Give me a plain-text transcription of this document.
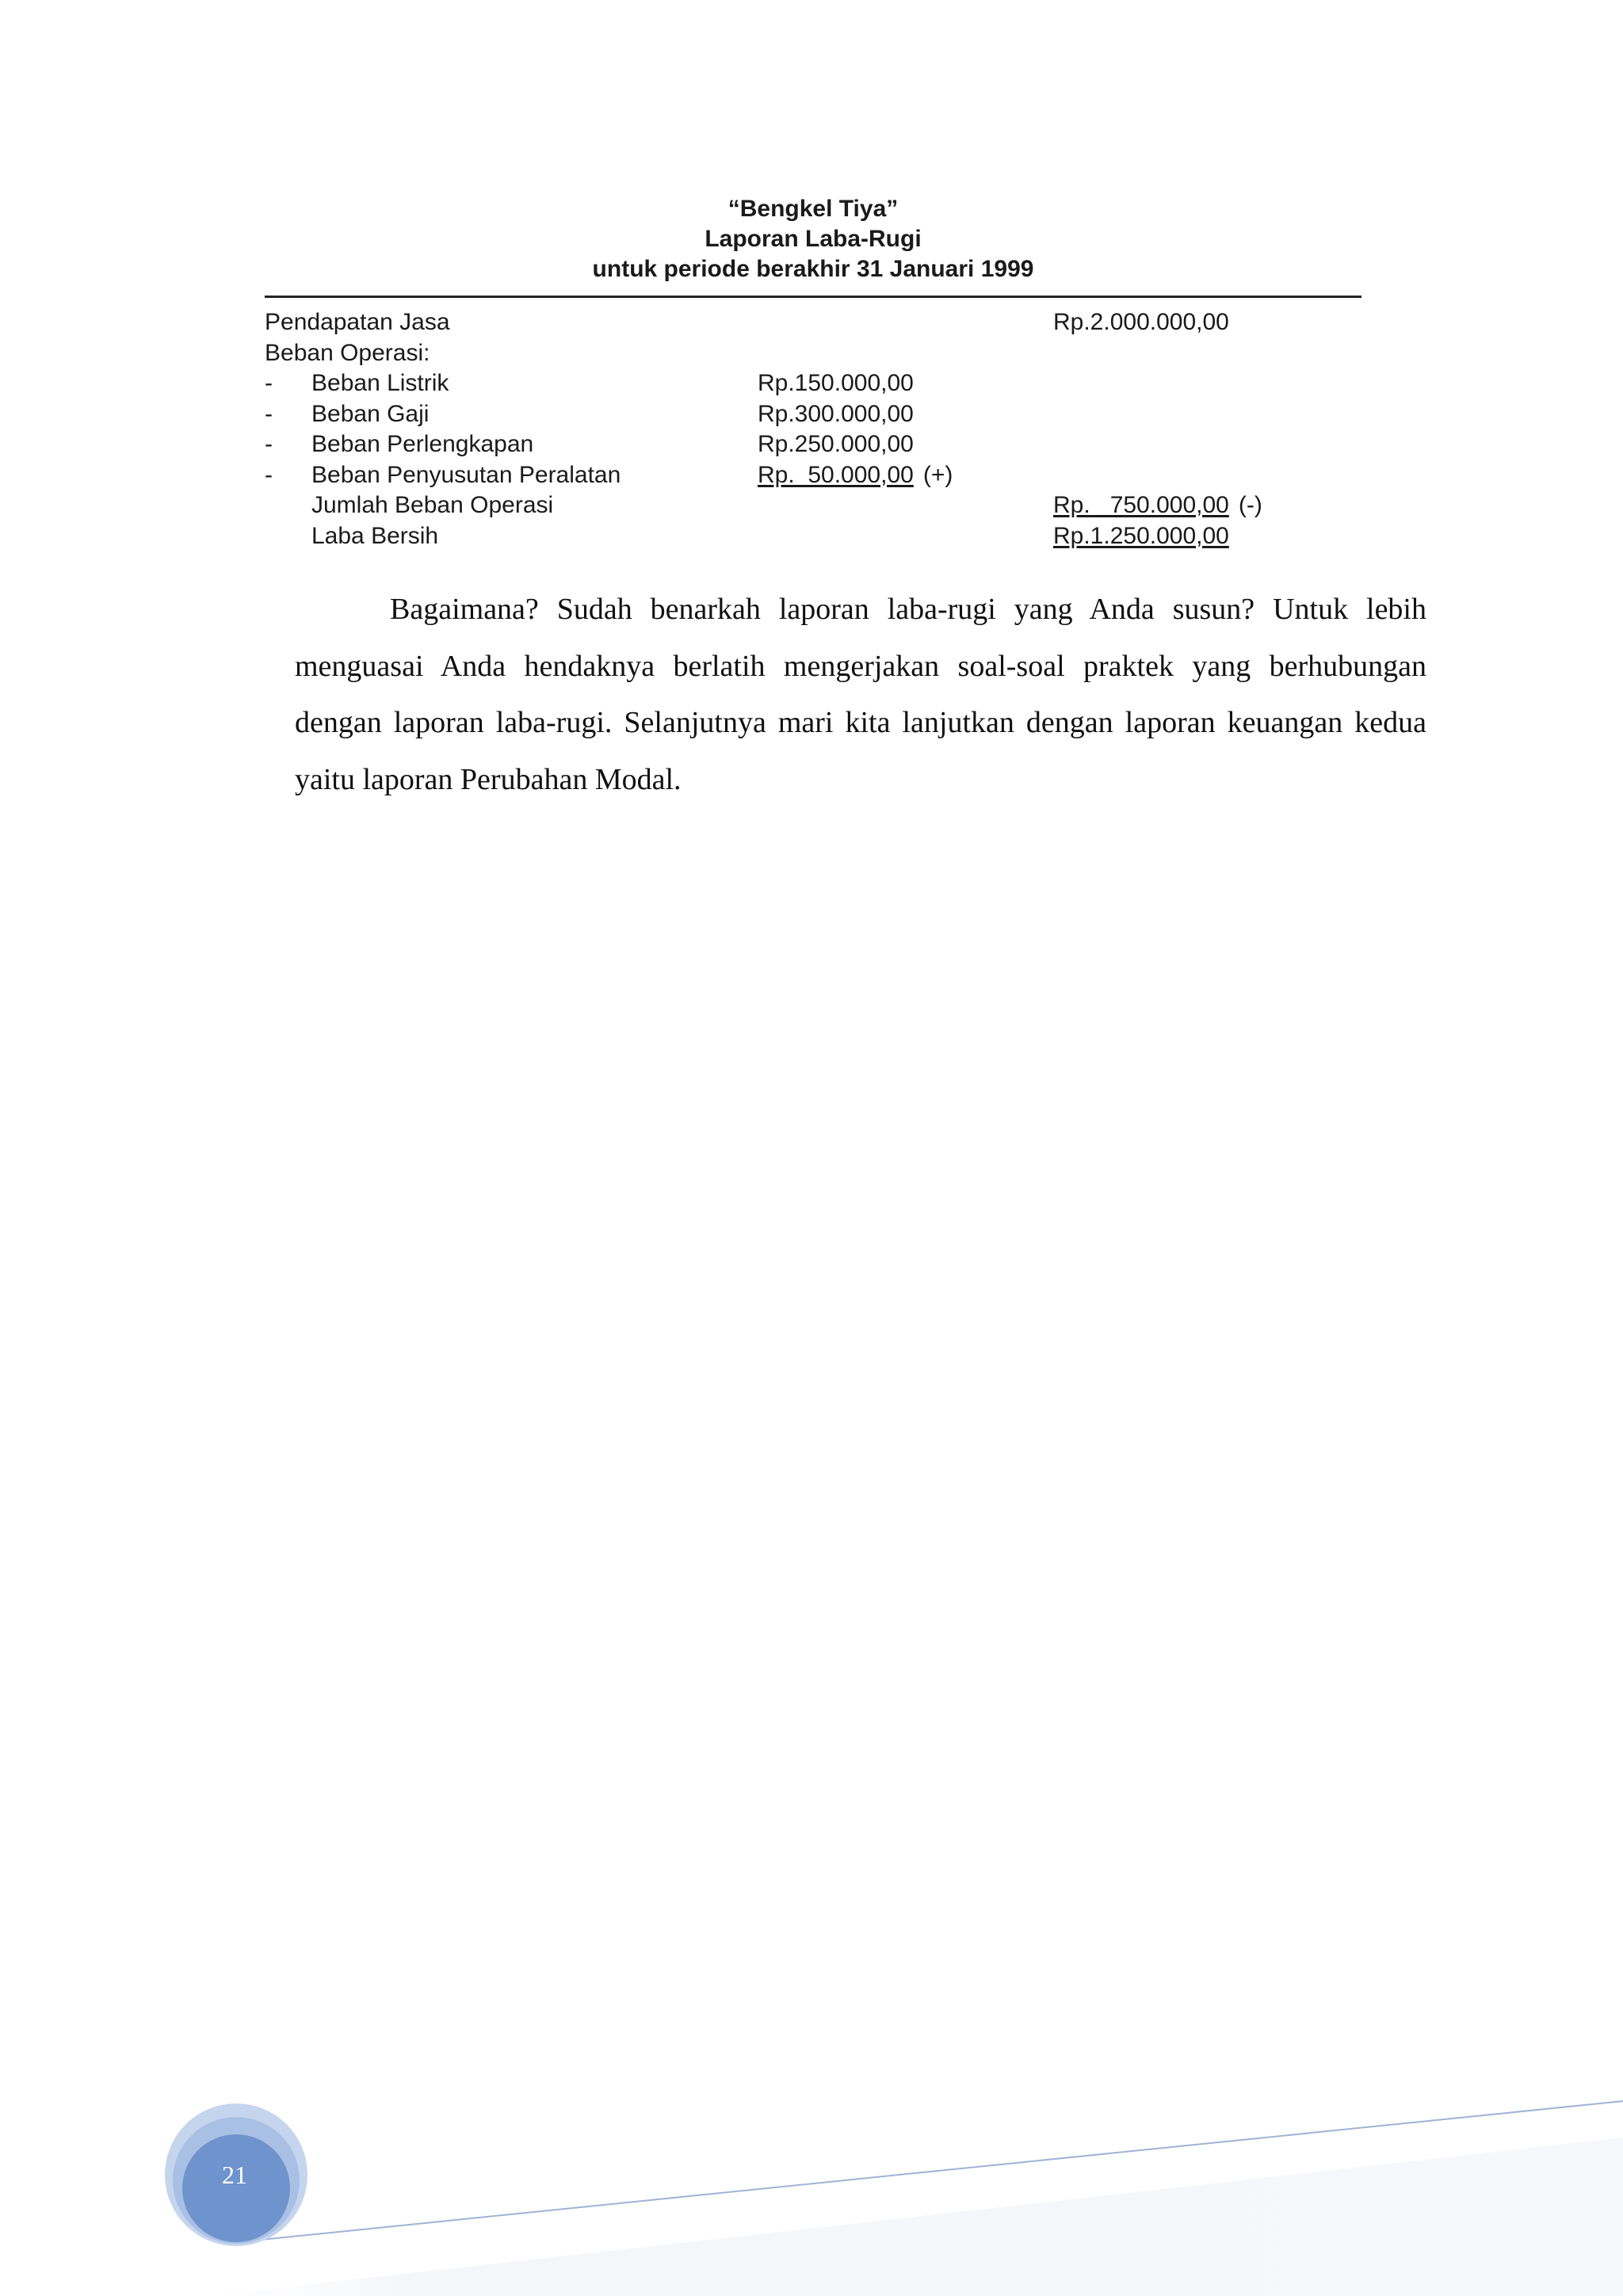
“Bengkel Tiya”
Laporan Laba-Rugi
untuk periode berakhir 31 Januari 1999
Pendapatan Jasa	Rp.2.000.000,00
Beban Operasi:
- Beban Listrik	Rp.150.000,00
- Beban Gaji	Rp.300.000,00
- Beban Perlengkapan	Rp.250.000,00
- Beban Penyusutan Peralatan	Rp.  50.000,00 (+)
Jumlah Beban Operasi	Rp.   750.000,00 (-)
Laba Bersih	Rp.1.250.000,00

Bagaimana? Sudah benarkah laporan laba-rugi yang Anda susun? Untuk lebih menguasai Anda hendaknya berlatih mengerjakan soal-soal praktek yang berhubungan dengan laporan laba-rugi. Selanjutnya mari kita lanjutkan dengan laporan keuangan kedua yaitu laporan Perubahan Modal.

21
